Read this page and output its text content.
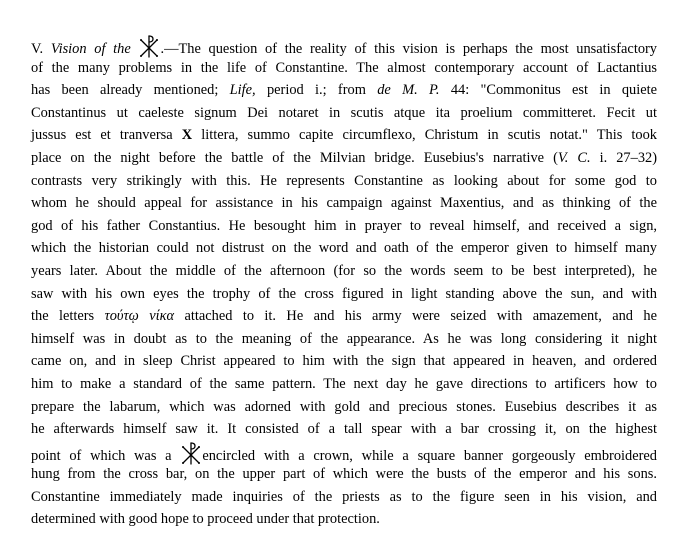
V. Vision of the .—The question of the reality of this vision is perhaps the most unsatisfactory
of the many problems in the life of Constantine. The almost contemporary account of Lactantius
has been already mentioned; Life, period i.; from de M. P. 44: "Commonitus est in quiete
Constantinus ut caeleste signum Dei notaret in scutis atque ita proelium committeret. Fecit ut
jussus est et tranversa X littera, summo capite circumflexo, Christum in scutis notat." This took
place on the night before the battle of the Milvian bridge. Eusebius's narrative (V. C. i. 27–32)
contrasts very strikingly with this. He represents Constantine as looking about for some god to
whom he should appeal for assistance in his campaign against Maxentius, and as thinking of the
god of his father Constantius. He besought him in prayer to reveal himself, and received a sign,
which the historian could not distrust on the word and oath of the emperor given to himself many
years later. About the middle of the afternoon (for so the words seem to be best interpreted), he
saw with his own eyes the trophy of the cross figured in light standing above the sun, and with
the letters τούτῳ νίκα attached to it. He and his army were seized with amazement, and he
himself was in doubt as to the meaning of the appearance. As he was long considering it night
came on, and in sleep Christ appeared to him with the sign that appeared in heaven, and ordered
him to make a standard of the same pattern. The next day he gave directions to artificers how to
prepare the labarum, which was adorned with gold and precious stones. Eusebius describes it as
he afterwards himself saw it. It consisted of a tall spear with a bar crossing it, on the highest
point of which was a
encircled with a crown, while a square banner gorgeously embroidered
hung from the cross bar, on the upper part of which were the busts of the emperor and his sons.
Constantine immediately made inquiries of the priests as to the figure seen in his vision, and
determined with good hope to proceed under that protection.
